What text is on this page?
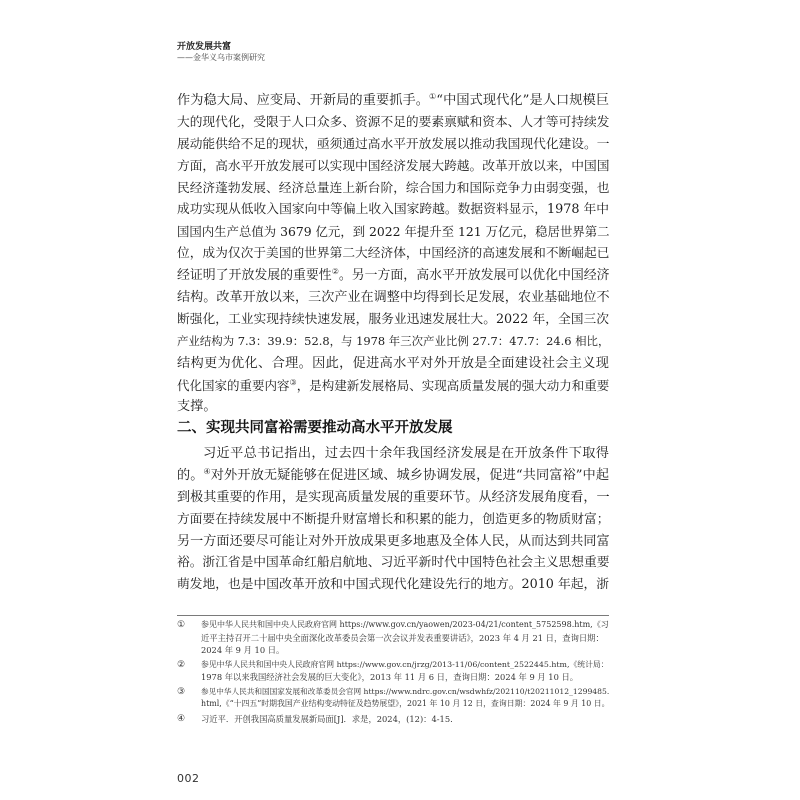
开放发展共富
——金华义乌市案例研究
作为稳大局、应变局、开新局的重要抓手。①“中国式现代化”是人口规模巨
大的现代化，受限于人口众多、资源不足的要素禀赋和资本、人才等可持续发
展动能供给不足的现状，亟须通过高水平开放发展以推动我国现代化建设。一
方面，高水平开放发展可以实现中国经济发展大跨越。改革开放以来，中国国
民经济蓬勃发展、经济总量连上新台阶，综合国力和国际竞争力由弱变强，也
成功实现从低收入国家向中等偏上收入国家跨越。数据资料显示，1978 年中
国国内生产总值为 3679 亿元，到 2022 年提升至 121 万亿元，稳居世界第二
位，成为仅次于美国的世界第二大经济体，中国经济的高速发展和不断崛起已
经证明了开放发展的重要性②。另一方面，高水平开放发展可以优化中国经济
结构。改革开放以来，三次产业在调整中均得到长足发展，农业基础地位不
断强化，工业实现持续快速发展，服务业迅速发展壮大。2022 年，全国三次
产业结构为 7.3：39.9：52.8，与 1978 年三次产业比例 27.7：47.7：24.6 相比，
结构更为优化、合理。因此，促进高水平对外开放是全面建设社会主义现
代化国家的重要内容③，是构建新发展格局、实现高质量发展的强大动力和重要
支撑。
二、实现共同富裕需要推动高水平开放发展
习近平总书记指出，过去四十余年我国经济发展是在开放条件下取得
的。④对外开放无疑能够在促进区域、城乡协调发展，促进“共同富裕”中起
到极其重要的作用，是实现高质量发展的重要环节。从经济发展角度看，一
方面要在持续发展中不断提升财富增长和积累的能力，创造更多的物质财富；
另一方面还要尽可能让对外开放成果更多地惠及全体人民，从而达到共同富
裕。浙江省是中国革命红船启航地、习近平新时代中国特色社会主义思想重要
萌发地，也是中国改革开放和中国式现代化建设先行的地方。2010 年起，浙
① 参见中华人民共和国中央人民政府官网 https://www.gov.cn/yaowen/2023-04/21/content_5752598.htm,《习
近平主持召开二十届中央全面深化改革委员会第一次会议并发表重要讲话》，2023 年 4 月 21 日，查询日期：
2024 年 9 月 10 日。
② 参见中华人民共和国中央人民政府官网 https://www.gov.cn/jrzg/2013-11/06/content_2522445.htm,《统计局：
1978 年以来我国经济社会发展的巨大变化》，2013 年 11 月 6 日，查询日期：2024 年 9 月 10 日。
③ 参见中华人民共和国国家发展和改革委员会官网 https://www.ndrc.gov.cn/wsdwhfz/202110/t20211012_1299485.
html,《“十四五”时期我国产业结构变动特征及趋势展望》，2021 年 10 月 12 日，查询日期：2024 年 9 月 10 日。
④ 习近平．开创我国高质量发展新局面[J]．求是，2024，(12)：4-15.
002
